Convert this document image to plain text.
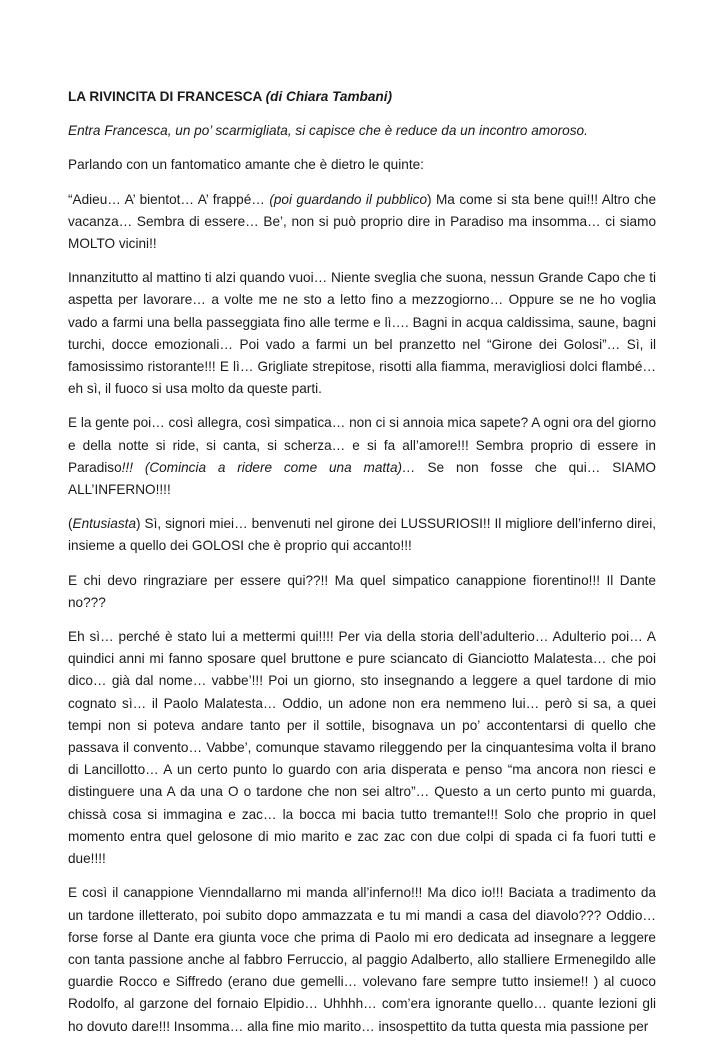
LA RIVINCITA DI FRANCESCA (di Chiara Tambani)

Entra Francesca, un po’ scarmigliata, si capisce che è reduce da un incontro amoroso.

Parlando con un fantomatico amante che è dietro le quinte:

“Adieu… A’ bientot… A’ frappé… (poi guardando il pubblico) Ma come si sta bene qui!!! Altro che vacanza… Sembra di essere… Be’, non si può proprio dire in Paradiso ma insomma… ci siamo MOLTO vicini!!

Innanzitutto al mattino ti alzi quando vuoi… Niente sveglia che suona, nessun Grande Capo che ti aspetta per lavorare… a volte me ne sto a letto fino a mezzogiorno… Oppure se ne ho voglia vado a farmi una bella passeggiata fino alle terme e lì…. Bagni in acqua caldissima, saune, bagni turchi, docce emozionali… Poi vado a farmi un bel pranzetto nel “Girone dei Golosi”… Sì, il famosissimo ristorante!!! E lì… Grigliate strepitose, risotti alla fiamma, meravigliosi dolci flambé… eh sì, il fuoco si usa molto da queste parti.

E la gente poi… così allegra, così simpatica… non ci si annoia mica sapete? A ogni ora del giorno e della notte si ride, si canta, si scherza… e si fa all’amore!!! Sembra proprio di essere in Paradiso!!! (Comincia a ridere come una matta)… Se non fosse che qui… SIAMO ALL’INFERNO!!!!

(Entusiasta) Sì, signori miei… benvenuti nel girone dei LUSSURIOSI!! Il migliore dell’inferno direi, insieme a quello dei GOLOSI che è proprio qui accanto!!!

E chi devo ringraziare per essere qui??!! Ma quel simpatico canappione fiorentino!!! Il Dante no???

Eh sì… perché è stato lui a mettermi qui!!!! Per via della storia dell’adulterio… Adulterio poi… A quindici anni mi fanno sposare quel bruttone e pure sciancato di Gianciotto Malatesta… che poi dico… già dal nome… vabbe’!!! Poi un giorno, sto insegnando a leggere a quel tardone di mio cognato sì… il Paolo Malatesta… Oddio, un adone non era nemmeno lui… però si sa, a quei tempi non si poteva andare tanto per il sottile, bisognava un po’ accontentarsi di quello che passava il convento… Vabbe’, comunque stavamo rileggendo per la cinquantesima volta il brano di Lancillotto… A un certo punto lo guardo con aria disperata e penso “ma ancora non riesci e distinguere una A da una O o tardone che non sei altro”… Questo a un certo punto mi guarda, chissà cosa si immagina e zac… la bocca mi bacia tutto tremante!!! Solo che proprio in quel momento entra quel gelosone di mio marito e zac zac con due colpi di spada ci fa fuori tutti e due!!!!

E così il canappione Vienndallarno mi manda all’inferno!!! Ma dico io!!! Baciata a tradimento da un tardone illetterato, poi subito dopo ammazzata e tu mi mandi a casa del diavolo??? Oddio… forse forse al Dante era giunta voce che prima di Paolo mi ero dedicata ad insegnare a leggere con tanta passione anche al fabbro Ferruccio, al paggio Adalberto, allo stalliere Ermenegildo alle guardie Rocco e Siffredo (erano due gemelli… volevano fare sempre tutto insieme!! ) al cuoco Rodolfo, al garzone del fornaio Elpidio… Uhhhh… com’era ignorante quello… quante lezioni gli ho dovuto dare!!! Insomma… alla fine mio marito… insospettito da tutta questa mia passione per
